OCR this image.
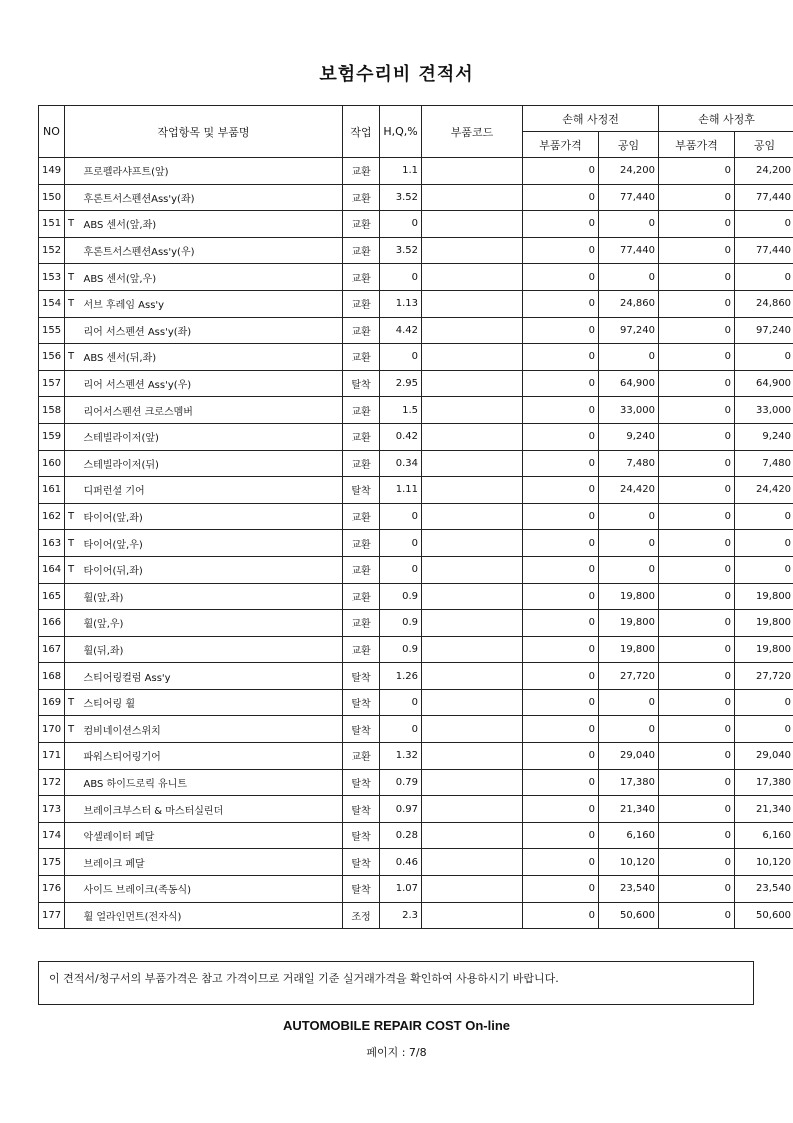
보험수리비 견적서
NO	작업항목 및 부품명		작업	H,Q,%	부품코드	손해 사정전		손해 사정후	
						부품가격	공임	부품가격	공임
149		프로펠라샤프트(앞)	교환	1.1		0	24,200	0	24,200
150		후론트서스펜션Ass'y(좌)	교환	3.52		0	77,440	0	77,440
151	T	ABS 센서(앞,좌)	교환	0		0	0	0	0
152		후론트서스펜션Ass'y(우)	교환	3.52		0	77,440	0	77,440
153	T	ABS 센서(앞,우)	교환	0		0	0	0	0
154	T	서브 후레임 Ass'y	교환	1.13		0	24,860	0	24,860
155		리어 서스펜션 Ass'y(좌)	교환	4.42		0	97,240	0	97,240
156	T	ABS 센서(뒤,좌)	교환	0		0	0	0	0
157		리어 서스펜션 Ass'y(우)	탈착	2.95		0	64,900	0	64,900
158		리어서스펜션 크로스멤버	교환	1.5		0	33,000	0	33,000
159		스테빌라이저(앞)	교환	0.42		0	9,240	0	9,240
160		스테빌라이저(뒤)	교환	0.34		0	7,480	0	7,480
161		디퍼런셜 기어	탈착	1.11		0	24,420	0	24,420
162	T	타이어(앞,좌)	교환	0		0	0	0	0
163	T	타이어(앞,우)	교환	0		0	0	0	0
164	T	타이어(뒤,좌)	교환	0		0	0	0	0
165		휠(앞,좌)	교환	0.9		0	19,800	0	19,800
166		휠(앞,우)	교환	0.9		0	19,800	0	19,800
167		휠(뒤,좌)	교환	0.9		0	19,800	0	19,800
168		스티어링컬럼 Ass'y	탈착	1.26		0	27,720	0	27,720
169	T	스티어링 휠	탈착	0		0	0	0	0
170	T	컴비네이션스위치	탈착	0		0	0	0	0
171		파워스티어링기어	교환	1.32		0	29,040	0	29,040
172		ABS 하이드로릭 유니트	탈착	0.79		0	17,380	0	17,380
173		브레이크부스터 & 마스터실린더	탈착	0.97		0	21,340	0	21,340
174		악셀레이터 페달	탈착	0.28		0	6,160	0	6,160
175		브레이크 페달	탈착	0.46		0	10,120	0	10,120
176		사이드 브레이크(족동식)	탈착	1.07		0	23,540	0	23,540
177		휠 얼라인먼트(전자식)	조정	2.3		0	50,600	0	50,600
이 견적서/청구서의 부품가격은 참고 가격이므로 거래일 기준 실거래가격을 확인하여 사용하시기 바랍니다.
AUTOMOBILE REPAIR COST On-line
페이지 : 7/8
